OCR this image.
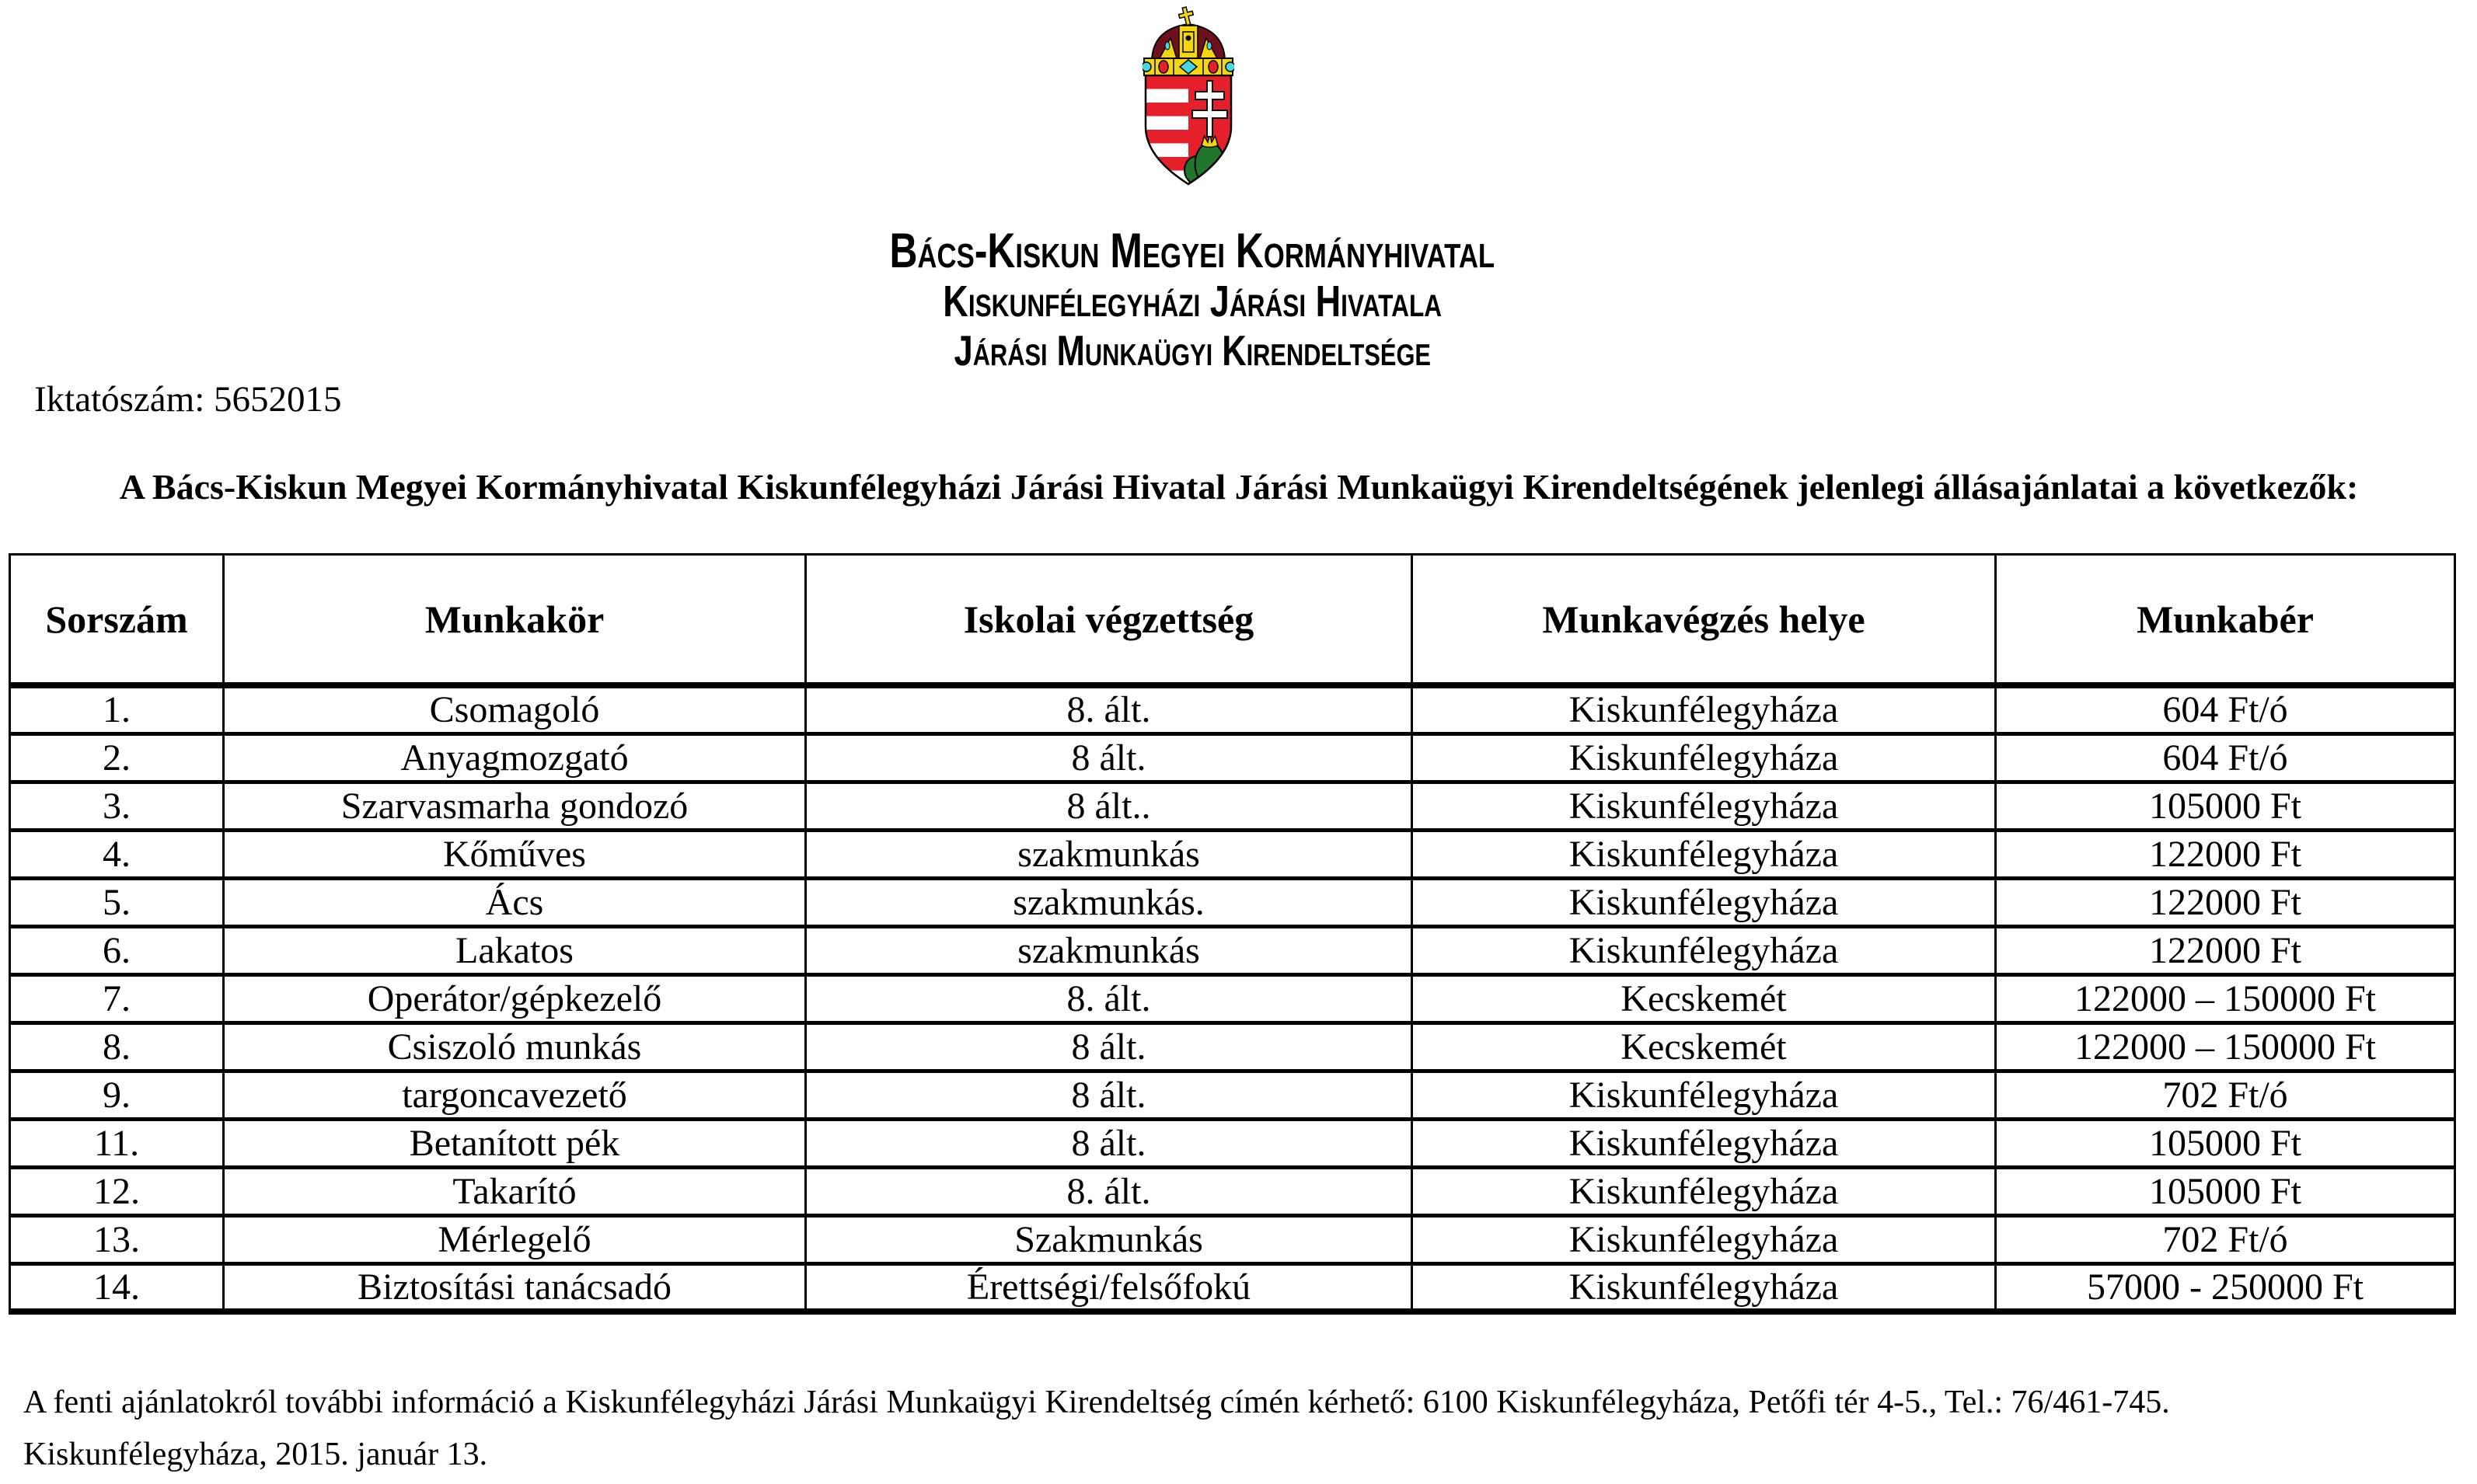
Bács-Kiskun Megyei Kormányhivatal
Kiskunfélegyházi Járási Hivatala
Járási Munkaügyi Kirendeltsége
Iktatószám: 5652015
A Bács-Kiskun Megyei Kormányhivatal Kiskunfélegyházi Járási Hivatal Járási Munkaügyi Kirendeltségének jelenlegi állásajánlatai a következők:
Sorszám	Munkakör	Iskolai végzettség	Munkavégzés helye	Munkabér
1.	Csomagoló	8. ált.	Kiskunfélegyháza	604 Ft/ó
2.	Anyagmozgató	8 ált.	Kiskunfélegyháza	604 Ft/ó
3.	Szarvasmarha gondozó	8 ált..	Kiskunfélegyháza	105000 Ft
4.	Kőműves	szakmunkás	Kiskunfélegyháza	122000 Ft
5.	Ács	szakmunkás.	Kiskunfélegyháza	122000 Ft
6.	Lakatos	szakmunkás	Kiskunfélegyháza	122000 Ft
7.	Operátor/gépkezelő	8. ált.	Kecskemét	122000 – 150000 Ft
8.	Csiszoló munkás	8 ált.	Kecskemét	122000 – 150000 Ft
9.	targoncavezető	8 ált.	Kiskunfélegyháza	702 Ft/ó
11.	Betanított pék	8 ált.	Kiskunfélegyháza	105000 Ft
12.	Takarító	8. ált.	Kiskunfélegyháza	105000 Ft
13.	Mérlegelő	Szakmunkás	Kiskunfélegyháza	702 Ft/ó
14.	Biztosítási tanácsadó	Érettségi/felsőfokú	Kiskunfélegyháza	57000 - 250000 Ft
A fenti ajánlatokról további információ a Kiskunfélegyházi Járási Munkaügyi Kirendeltség címén kérhető: 6100 Kiskunfélegyháza, Petőfi tér 4-5., Tel.: 76/461-745.
Kiskunfélegyháza, 2015. január 13.
